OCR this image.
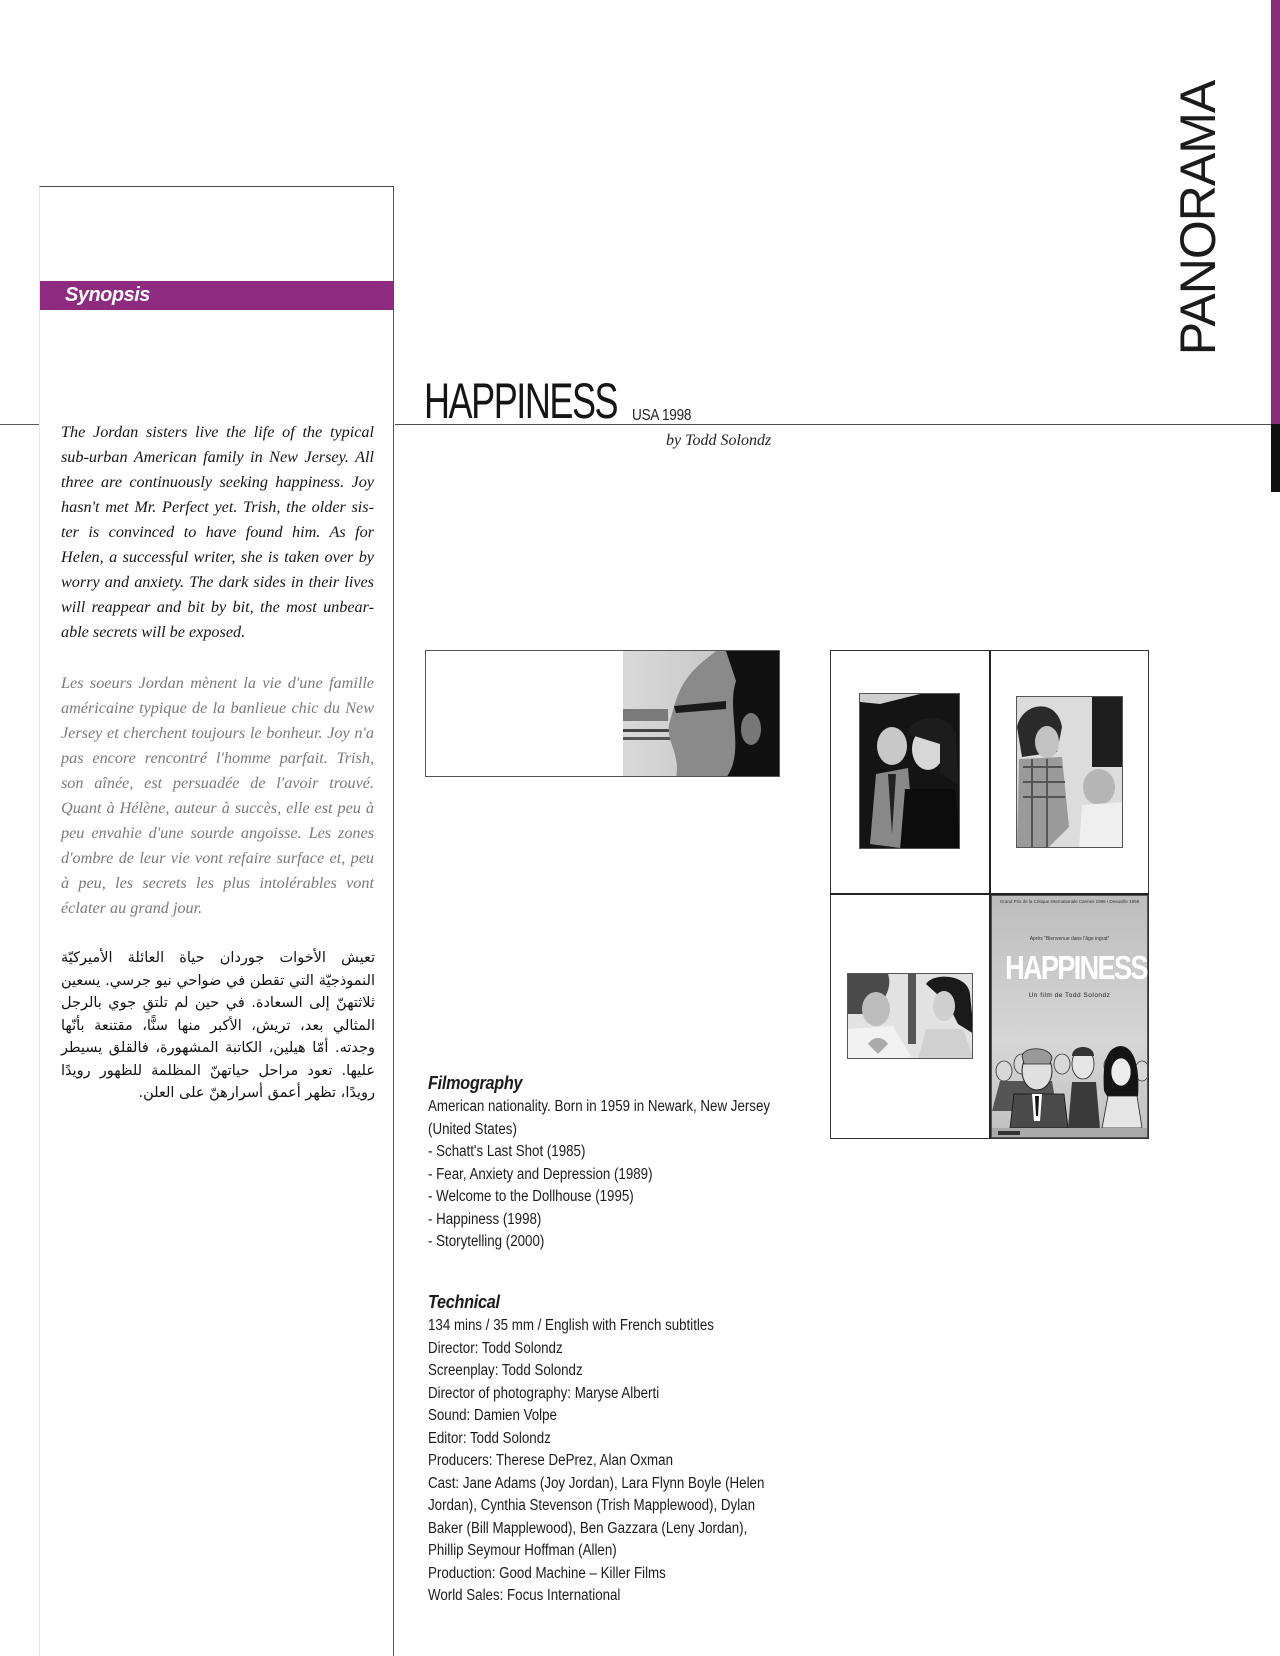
PANORAMA
Synopsis
The Jordan sisters live the life of the typical sub-urban American family in New Jersey. All three are continuously seeking happiness. Joy hasn't met Mr. Perfect yet. Trish, the older sis-ter is convinced to have found him. As for Helen, a successful writer, she is taken over by worry and anxiety. The dark sides in their lives will reappear and bit by bit, the most unbear-able secrets will be exposed.
Les soeurs Jordan mènent la vie d'une famille américaine typique de la banlieue chic du New Jersey et cherchent toujours le bonheur. Joy n'a pas encore rencontré l'homme parfait. Trish, son aînée, est persuadée de l'avoir trouvé. Quant à Hélène, auteur à succès, elle est peu à peu envahie d'une sourde angoisse. Les zones d'ombre de leur vie vont refaire surface et, peu à peu, les secrets les plus intolérables vont éclater au grand jour.
تعيش الأخوات جوردان حياة العائلة الأميركيّة النموذجيّة التي تقطن في ضواحي نيو جرسي. يسعين ثلاثتهنّ إلى السعادة. في حين لم تلتقِ جوي بالرجل المثالي بعد، تريش، الأكبر منها سنًّا، مقتنعة بأنّها وجدته. أمّا هيلين، الكاتبة المشهورة، فالقلق يسيطر عليها. تعود مراحل حياتهنّ المظلمة للظهور رويدًا رويدًا، تظهر أعمق أسرارهنّ على العلن.
HAPPINESS USA 1998
by Todd Solondz
Grand Prix de la Critique Internationale Cannes 1998 / Deauville 1998
Après "Bienvenue dans l'âge ingrat"
HAPPINESS
Un film de Todd Solondz
Filmography
American nationality. Born in 1959 in Newark, New Jersey
(United States)
- Schatt's Last Shot (1985)
- Fear, Anxiety and Depression (1989)
- Welcome to the Dollhouse (1995)
- Happiness (1998)
- Storytelling (2000)
Technical
134 mins / 35 mm / English with French subtitles
Director: Todd Solondz
Screenplay: Todd Solondz
Director of photography: Maryse Alberti
Sound: Damien Volpe
Editor: Todd Solondz
Producers: Therese DePrez, Alan Oxman
Cast: Jane Adams (Joy Jordan), Lara Flynn Boyle (Helen
Jordan), Cynthia Stevenson (Trish Mapplewood), Dylan
Baker (Bill Mapplewood), Ben Gazzara (Leny Jordan),
Phillip Seymour Hoffman (Allen)
Production: Good Machine – Killer Films
World Sales: Focus International
